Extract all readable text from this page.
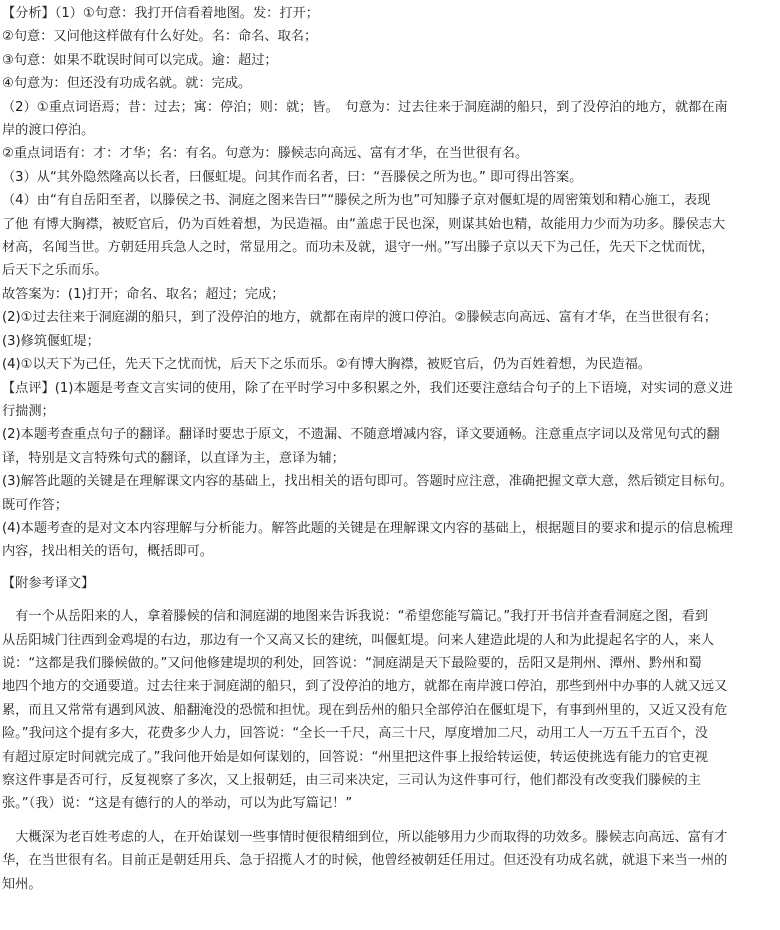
【分析】（1）①句意：我打开信看着地图。发：打开；
②句意：又问他这样做有什么好处。名：命名、取名；
③句意：如果不耽误时间可以完成。逾：超过；
④句意为：但还没有功成名就。就：完成。
（2）①重点词语焉；昔：过去；寓：停泊；则：就；皆。　句意为：过去往来于洞庭湖的船只，到了没停泊的地方，就都在南
岸的渡口停泊。
②重点词语有：才：才华；名：有名。句意为：滕候志向高远、富有才华，在当世很有名。
（3）从“其外隐然隆高以长者，曰偃虹堤。问其作而名者，曰：“吾滕侯之所为也。” 即可得出答案。
（4）由“有自岳阳至者，以滕侯之书、洞庭之图来告曰”“滕侯之所为也”可知滕子京对偃虹堤的周密策划和精心施工，表现
了他 有博大胸襟，被贬官后，仍为百姓着想，为民造福。由“盖虑于民也深，则谋其始也精，故能用力少而为功多。滕侯志大
材高，名闻当世。方朝廷用兵急人之时，常显用之。而功未及就，退守一州。”写出滕子京以天下为己任，先天下之忧而忧，
后天下之乐而乐。
故答案为：(1)打开；命名、取名；超过；完成；
(2)①过去往来于洞庭湖的船只，到了没停泊的地方，就都在南岸的渡口停泊。②滕候志向高远、富有才华，在当世很有名；
(3)修筑偃虹堤；
(4)①以天下为己任，先天下之忧而忧，后天下之乐而乐。②有博大胸襟，被贬官后，仍为百姓着想，为民造福。
【点评】(1)本题是考查文言实词的使用，除了在平时学习中多积累之外，我们还要注意结合句子的上下语境，对实词的意义进
行揣测；
(2)本题考查重点句子的翻译。翻译时要忠于原文，不遗漏、不随意增减内容，译文要通畅。注意重点字词以及常见句式的翻
译，特别是文言特殊句式的翻译，以直译为主，意译为辅；
(3)解答此题的关键是在理解课文内容的基础上，找出相关的语句即可。答题时应注意，准确把握文章大意，然后锁定目标句。
既可作答；
(4)本题考查的是对文本内容理解与分析能力。解答此题的关键是在理解课文内容的基础上，根据题目的要求和提示的信息梳理
内容，找出相关的语句，概括即可。
【附参考译文】
　有一个从岳阳来的人，拿着滕候的信和洞庭湖的地图来告诉我说：“希望您能写篇记。”我打开书信并查看洞庭之图，看到
从岳阳城门往西到金鸡堤的右边，那边有一个又高又长的建统，叫偃虹堤。问来人建造此堤的人和为此提起名字的人，来人
说：“这都是我们滕候做的。”又问他修建堤坝的利处，回答说：“洞庭湖是天下最险要的，岳阳又是荆州、潭州、黔州和蜀
地四个地方的交通要道。过去往来于洞庭湖的船只，到了没停泊的地方，就都在南岸渡口停泊，那些到州中办事的人就又远又
累，而且又常常有遇到风波、船翻淹没的恐慌和担忧。现在到岳州的船只全部停泊在偃虹堤下，有事到州里的，又近又没有危
险。”我问这个提有多大，花费多少人力，回答说：“全长一千尺，高三十尺，厚度增加二尺，动用工人一万五千五百个，没
有超过原定时间就完成了。”我问他开始是如何谋划的，回答说：“州里把这件事上报给转运使，转运使挑选有能力的官吏视
察这件事是否可行，反复视察了多次，又上报朝廷，由三司来决定，三司认为这件事可行，他们都没有改变我们滕候的主
张。”（我）说：“这是有德行的人的举动，可以为此写篇记！”
　大概深为老百姓考虑的人，在开始谋划一些事情时便很精细到位，所以能够用力少而取得的功效多。滕候志向高远、富有才
华，在当世很有名。目前正是朝廷用兵、急于招揽人才的时候，他曾经被朝廷任用过。但还没有功成名就，就退下来当一州的
知州。
